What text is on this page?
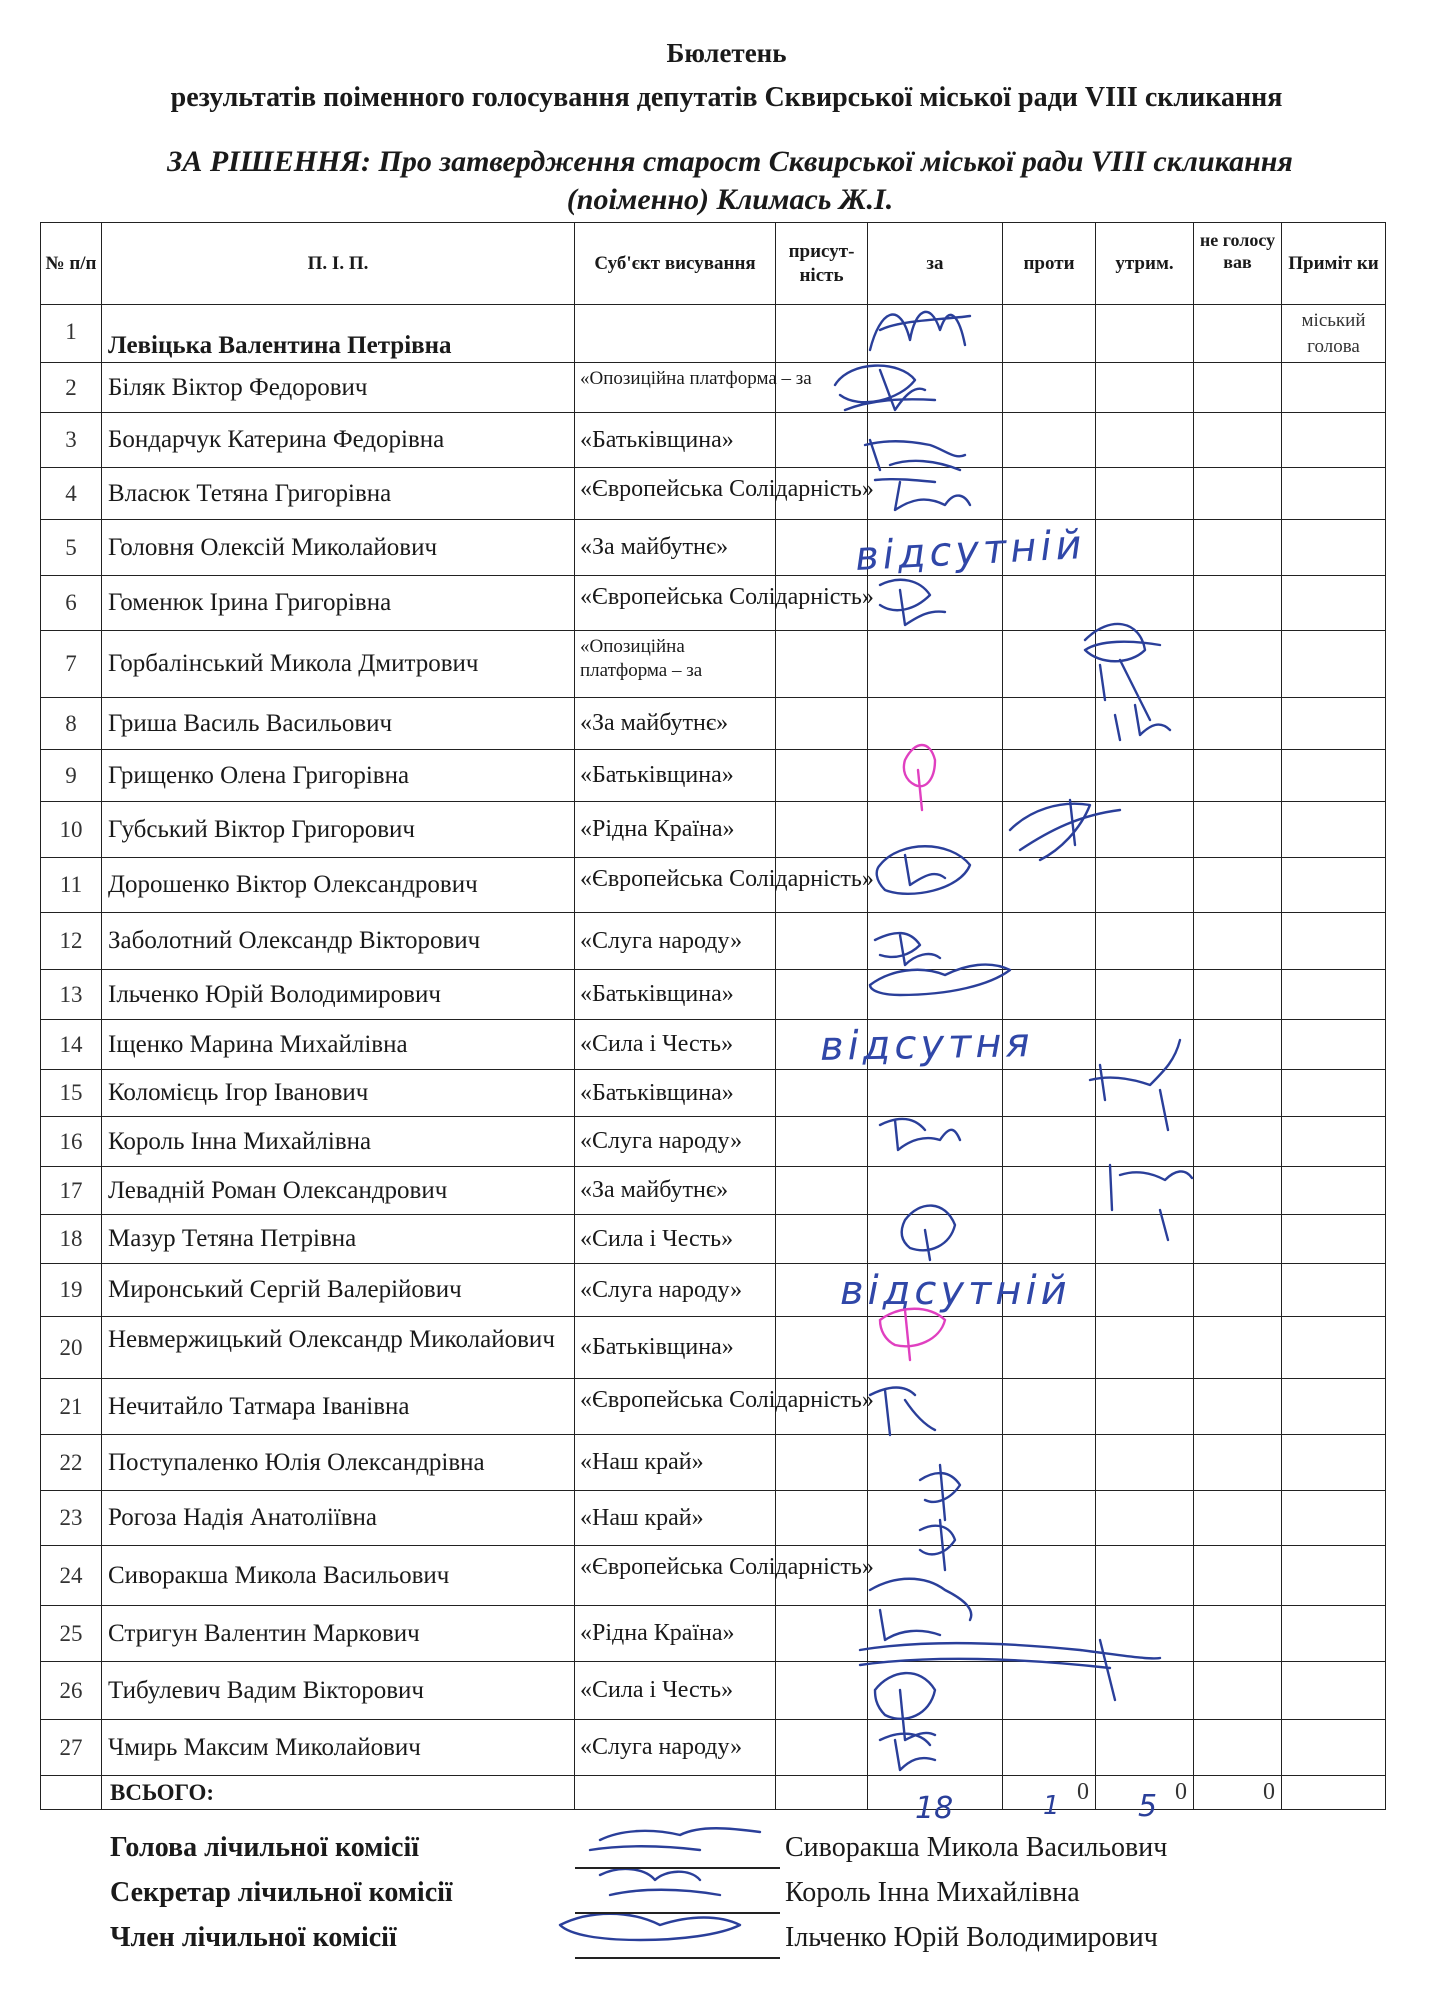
Бюлетень
результатів поіменного голосування депутатів Сквирської міської ради VIII скликання
ЗА РІШЕННЯ: Про затвердження старост Сквирської міської ради VIII скликання
(поіменно) Климась Ж.І.
№ п/п	П. І. П.	Суб'єкт висування	присут-ність	за	проти	утрим.	не голосу вав	Приміт ки
1	Левіцька Валентина Петрівна							міський голова
2	Біляк Віктор Федорович	«Опозиційна платформа – за						
3	Бондарчук Катерина Федорівна	«Батьківщина»						
4	Власюк Тетяна Григорівна	«Європейська Солідарність»						
5	Головня Олексій Миколайович	«За майбутнє»						
6	Гоменюк Ірина Григорівна	«Європейська Солідарність»						
7	Горбалінський Микола Дмитрович	«Опозиційна платформа – за						
8	Гриша Василь Васильович	«За майбутнє»						
9	Грищенко Олена Григорівна	«Батьківщина»						
10	Губський Віктор Григорович	«Рідна Країна»						
11	Дорошенко Віктор Олександрович	«Європейська Солідарність»						
12	Заболотний Олександр Вікторович	«Слуга народу»						
13	Ільченко Юрій Володимирович	«Батьківщина»						
14	Іщенко Марина Михайлівна	«Сила і Честь»						
15	Коломієць Ігор Іванович	«Батьківщина»						
16	Король Інна Михайлівна	«Слуга народу»						
17	Левадній Роман Олександрович	«За майбутнє»						
18	Мазур Тетяна Петрівна	«Сила і Честь»						
19	Миронський Сергій Валерійович	«Слуга народу»						
20	Невмержицький Олександр Миколайович	«Батьківщина»						
21	Нечитайло Татмара Іванівна	«Європейська Солідарність»						
22	Поступаленко Юлія Олександрівна	«Наш край»						
23	Рогоза Надія Анатоліївна	«Наш край»						
24	Сиворакша Микола Васильович	«Європейська Солідарність»						
25	Стригун Валентин Маркович	«Рідна Країна»						
26	Тибулевич Вадим Вікторович	«Сила і Честь»						
27	Чмирь Максим Миколайович	«Слуга народу»						
	ВСЬОГО:				0	0	0	
18	1	5
відсутній
відсутня
відсутній
Голова лічильної комісії	Сиворакша Микола Васильович
Секретар лічильної комісії	Король Інна Михайлівна
Член лічильної комісії	Ільченко Юрій Володимирович
